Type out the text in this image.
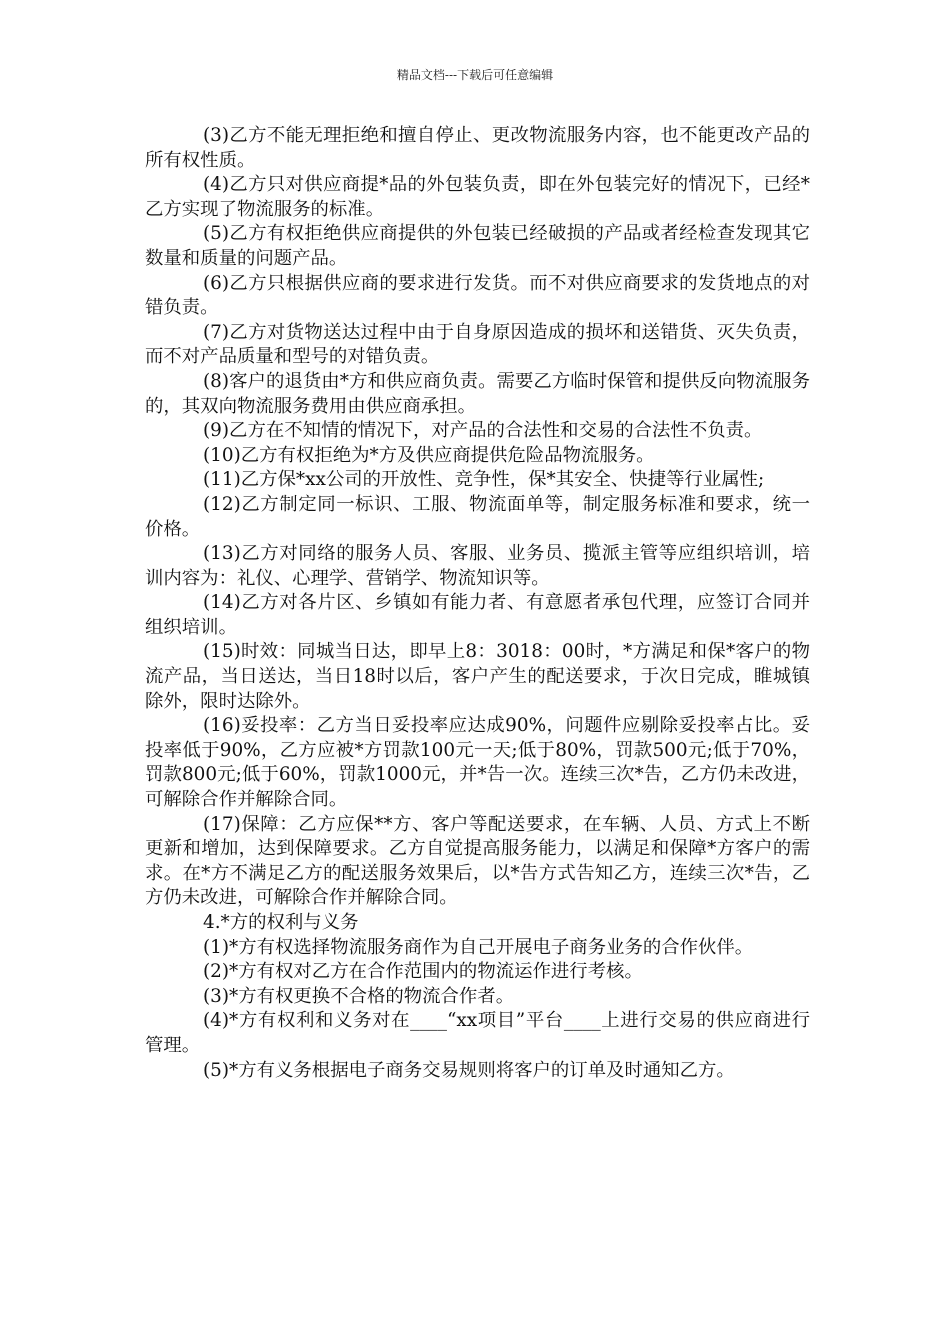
精品文档---下载后可任意编辑

(3)乙方不能无理拒绝和擅自停止、更改物流服务内容，也不能更改产品的所有权性质。

(4)乙方只对供应商提*品的外包装负责，即在外包装完好的情况下，已经*乙方实现了物流服务的标准。

(5)乙方有权拒绝供应商提供的外包装已经破损的产品或者经检查发现其它数量和质量的问题产品。

(6)乙方只根据供应商的要求进行发货。而不对供应商要求的发货地点的对错负责。

(7)乙方对货物送达过程中由于自身原因造成的损坏和送错货、灭失负责，而不对产品质量和型号的对错负责。

(8)客户的退货由*方和供应商负责。需要乙方临时保管和提供反向物流服务的，其双向物流服务费用由供应商承担。

(9)乙方在不知情的情况下，对产品的合法性和交易的合法性不负责。

(10)乙方有权拒绝为*方及供应商提供危险品物流服务。

(11)乙方保*xx公司的开放性、竞争性，保*其安全、快捷等行业属性;

(12)乙方制定同一标识、工服、物流面单等，制定服务标准和要求，统一价格。

(13)乙方对同络的服务人员、客服、业务员、揽派主管等应组织培训，培训内容为：礼仪、心理学、营销学、物流知识等。

(14)乙方对各片区、乡镇如有能力者、有意愿者承包代理，应签订合同并组织培训。

(15)时效：同城当日达，即早上8：3018：00时，*方满足和保*客户的物流产品，当日送达，当日18时以后，客户产生的配送要求，于次日完成，睢城镇除外，限时达除外。

(16)妥投率：乙方当日妥投率应达成90%，问题件应剔除妥投率占比。妥投率低于90%，乙方应被*方罚款100元一天;低于80%，罚款500元;低于70%，罚款800元;低于60%，罚款1000元，并*告一次。连续三次*告，乙方仍未改进，可解除合作并解除合同。

(17)保障：乙方应保**方、客户等配送要求，在车辆、人员、方式上不断更新和增加，达到保障要求。乙方自觉提高服务能力，以满足和保障*方客户的需求。在*方不满足乙方的配送服务效果后，以*告方式告知乙方，连续三次*告，乙方仍未改进，可解除合作并解除合同。

4.*方的权利与义务

(1)*方有权选择物流服务商作为自己开展电子商务业务的合作伙伴。

(2)*方有权对乙方在合作范围内的物流运作进行考核。

(3)*方有权更换不合格的物流合作者。

(4)*方有权利和义务对在____“xx项目”平台____上进行交易的供应商进行管理。

(5)*方有义务根据电子商务交易规则将客户的订单及时通知乙方。
